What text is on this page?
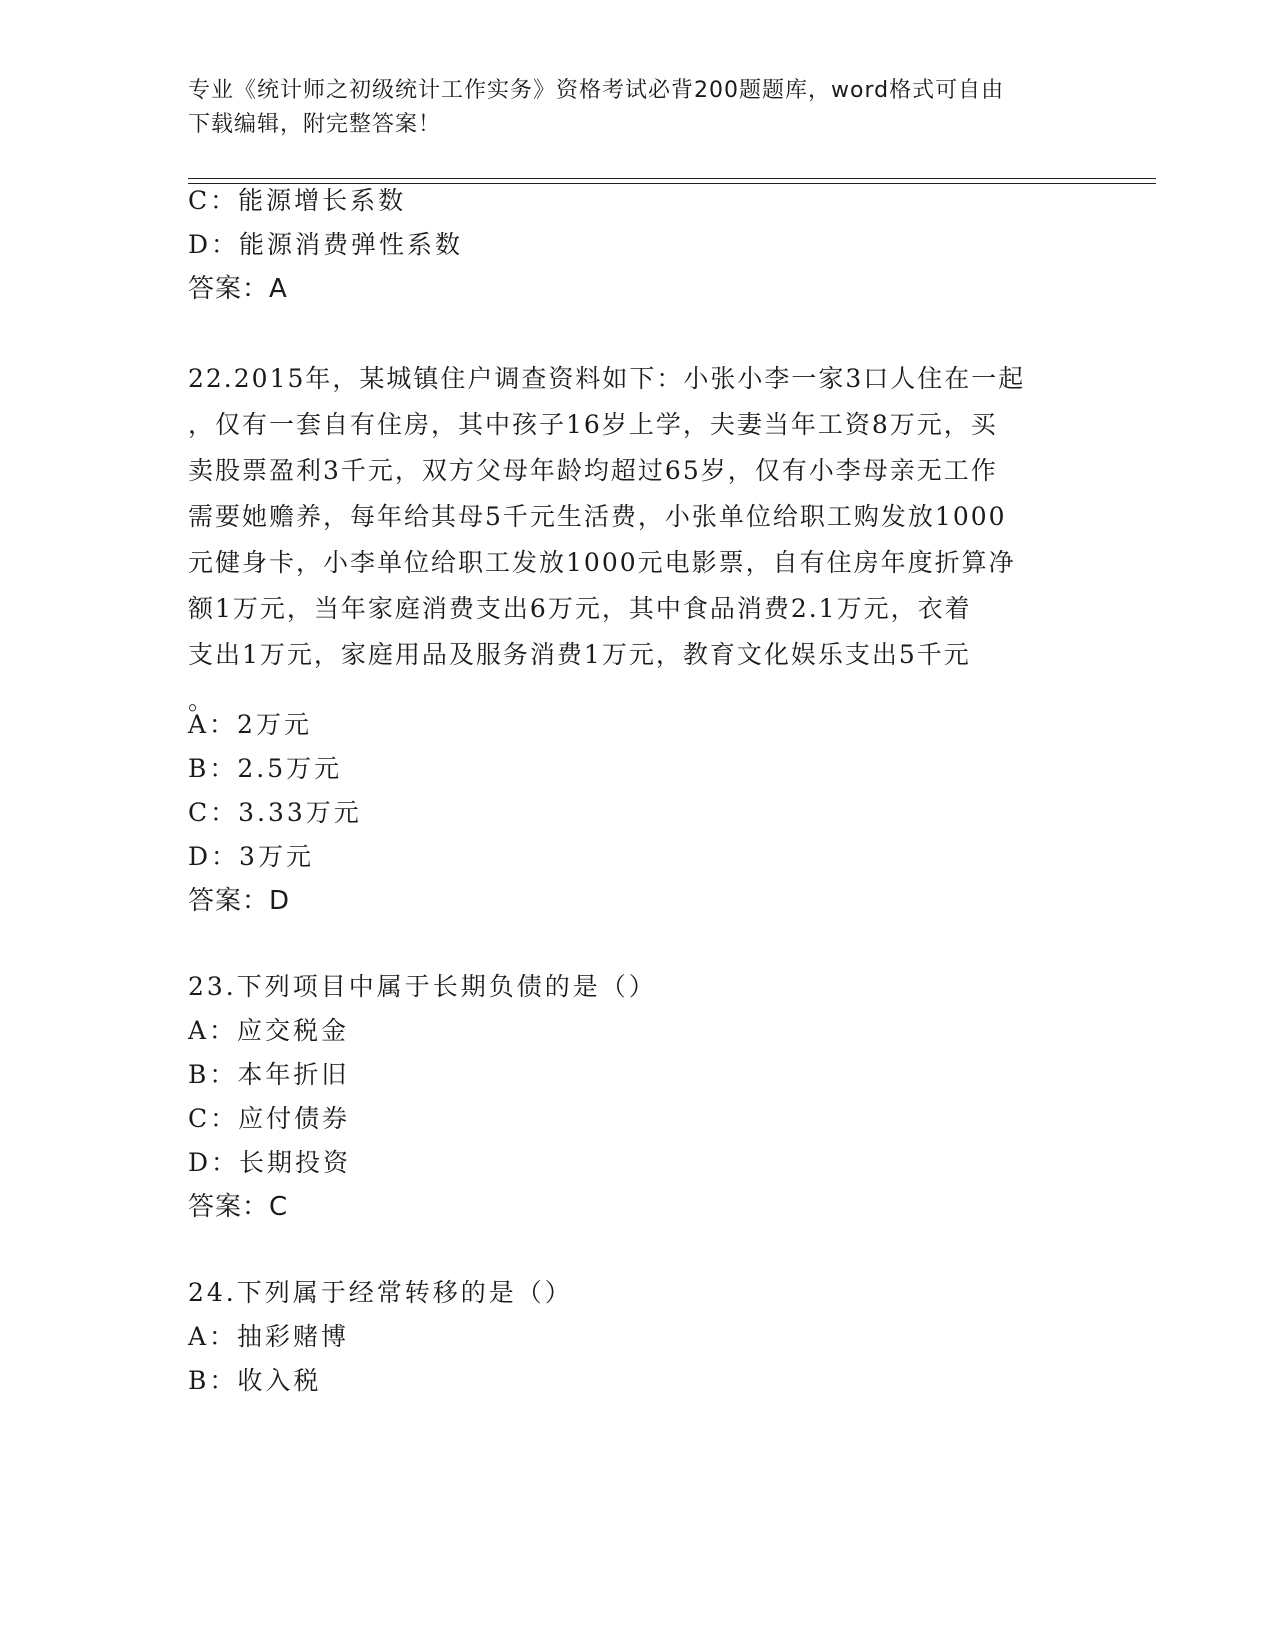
专业《统计师之初级统计工作实务》资格考试必背200题题库，word格式可自由
下载编辑，附完整答案！
C：能源增长系数
D：能源消费弹性系数
答案：A
22.2015年，某城镇住户调查资料如下：小张小李一家3口人住在一起
，仅有一套自有住房，其中孩子16岁上学，夫妻当年工资8万元，买
卖股票盈利3千元，双方父母年龄均超过65岁，仅有小李母亲无工作
需要她赡养，每年给其母5千元生活费，小张单位给职工购发放1000
元健身卡，小李单位给职工发放1000元电影票，自有住房年度折算净
额1万元，当年家庭消费支出6万元，其中食品消费2.1万元，衣着
支出1万元，家庭用品及服务消费1万元，教育文化娱乐支出5千元
。
A：2万元
B：2.5万元
C：3.33万元
D：3万元
答案：D
23.下列项目中属于长期负债的是（）
A：应交税金
B：本年折旧
C：应付债券
D：长期投资
答案：C
24.下列属于经常转移的是（）
A：抽彩赌博
B：收入税
